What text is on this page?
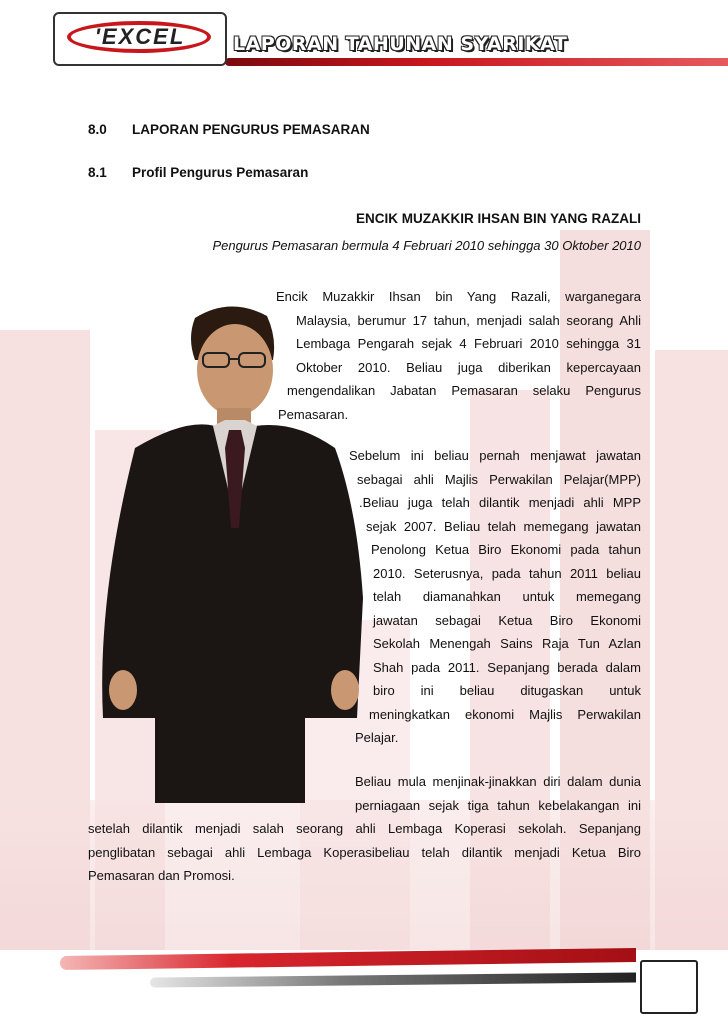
'EXCEL	LAPORAN TAHUNAN SYARIKAT
8.0 LAPORAN PENGURUS PEMASARAN
8.1 Profil Pengurus Pemasaran
ENCIK MUZAKKIR IHSAN BIN YANG RAZALI
Pengurus Pemasaran bermula 4 Februari 2010 sehingga 30 Oktober 2010
Encik Muzakkir Ihsan bin Yang Razali, warganegara
Malaysia, berumur 17 tahun, menjadi salah seorang Ahli
Lembaga Pengarah sejak 4 Februari 2010 sehingga 31
Oktober 2010. Beliau juga diberikan kepercayaan
mengendalikan Jabatan Pemasaran selaku Pengurus
Pemasaran.
Sebelum ini beliau pernah menjawat jawatan
sebagai ahli Majlis Perwakilan Pelajar(MPP)
.Beliau juga telah dilantik menjadi ahli MPP
sejak 2007. Beliau telah memegang jawatan
Penolong Ketua Biro Ekonomi pada tahun
2010. Seterusnya, pada tahun 2011 beliau
telah diamanahkan untuk memegang
jawatan sebagai Ketua Biro Ekonomi
Sekolah Menengah Sains Raja Tun Azlan
Shah pada 2011. Sepanjang berada dalam
biro ini beliau ditugaskan untuk
meningkatkan ekonomi Majlis Perwakilan
Pelajar.
Beliau mula menjinak-jinakkan diri dalam dunia
perniagaan sejak tiga tahun kebelakangan ini
setelah dilantik menjadi salah seorang ahli Lembaga Koperasi sekolah. Sepanjang
penglibatan sebagai ahli Lembaga Koperasibeliau telah dilantik menjadi Ketua Biro
Pemasaran dan Promosi.
